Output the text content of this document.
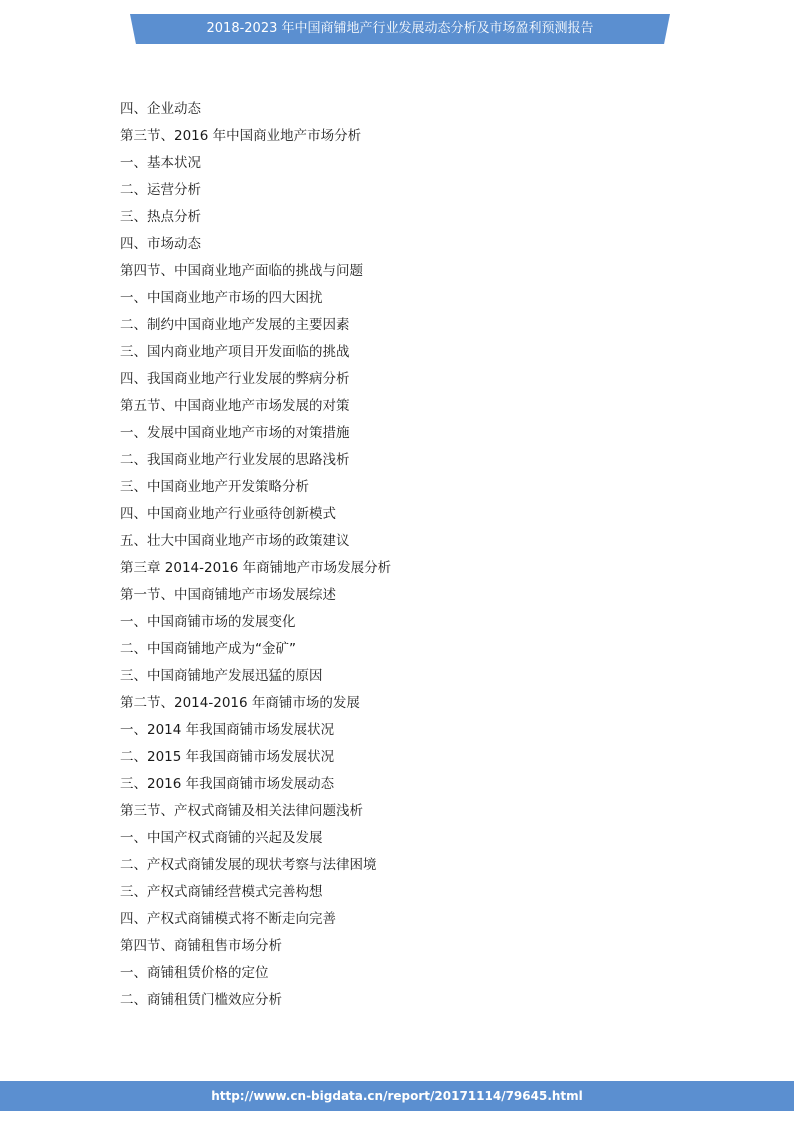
2018-2023 年中国商铺地产行业发展动态分析及市场盈利预测报告
四、企业动态
第三节、2016 年中国商业地产市场分析
一、基本状况
二、运营分析
三、热点分析
四、市场动态
第四节、中国商业地产面临的挑战与问题
一、中国商业地产市场的四大困扰
二、制约中国商业地产发展的主要因素
三、国内商业地产项目开发面临的挑战
四、我国商业地产行业发展的弊病分析
第五节、中国商业地产市场发展的对策
一、发展中国商业地产市场的对策措施
二、我国商业地产行业发展的思路浅析
三、中国商业地产开发策略分析
四、中国商业地产行业亟待创新模式
五、壮大中国商业地产市场的政策建议
第三章 2014-2016 年商铺地产市场发展分析
第一节、中国商铺地产市场发展综述
一、中国商铺市场的发展变化
二、中国商铺地产成为“金矿”
三、中国商铺地产发展迅猛的原因
第二节、2014-2016 年商铺市场的发展
一、2014 年我国商铺市场发展状况
二、2015 年我国商铺市场发展状况
三、2016 年我国商铺市场发展动态
第三节、产权式商铺及相关法律问题浅析
一、中国产权式商铺的兴起及发展
二、产权式商铺发展的现状考察与法律困境
三、产权式商铺经营模式完善构想
四、产权式商铺模式将不断走向完善
第四节、商铺租售市场分析
一、商铺租赁价格的定位
二、商铺租赁门槛效应分析
http://www.cn-bigdata.cn/report/20171114/79645.html
